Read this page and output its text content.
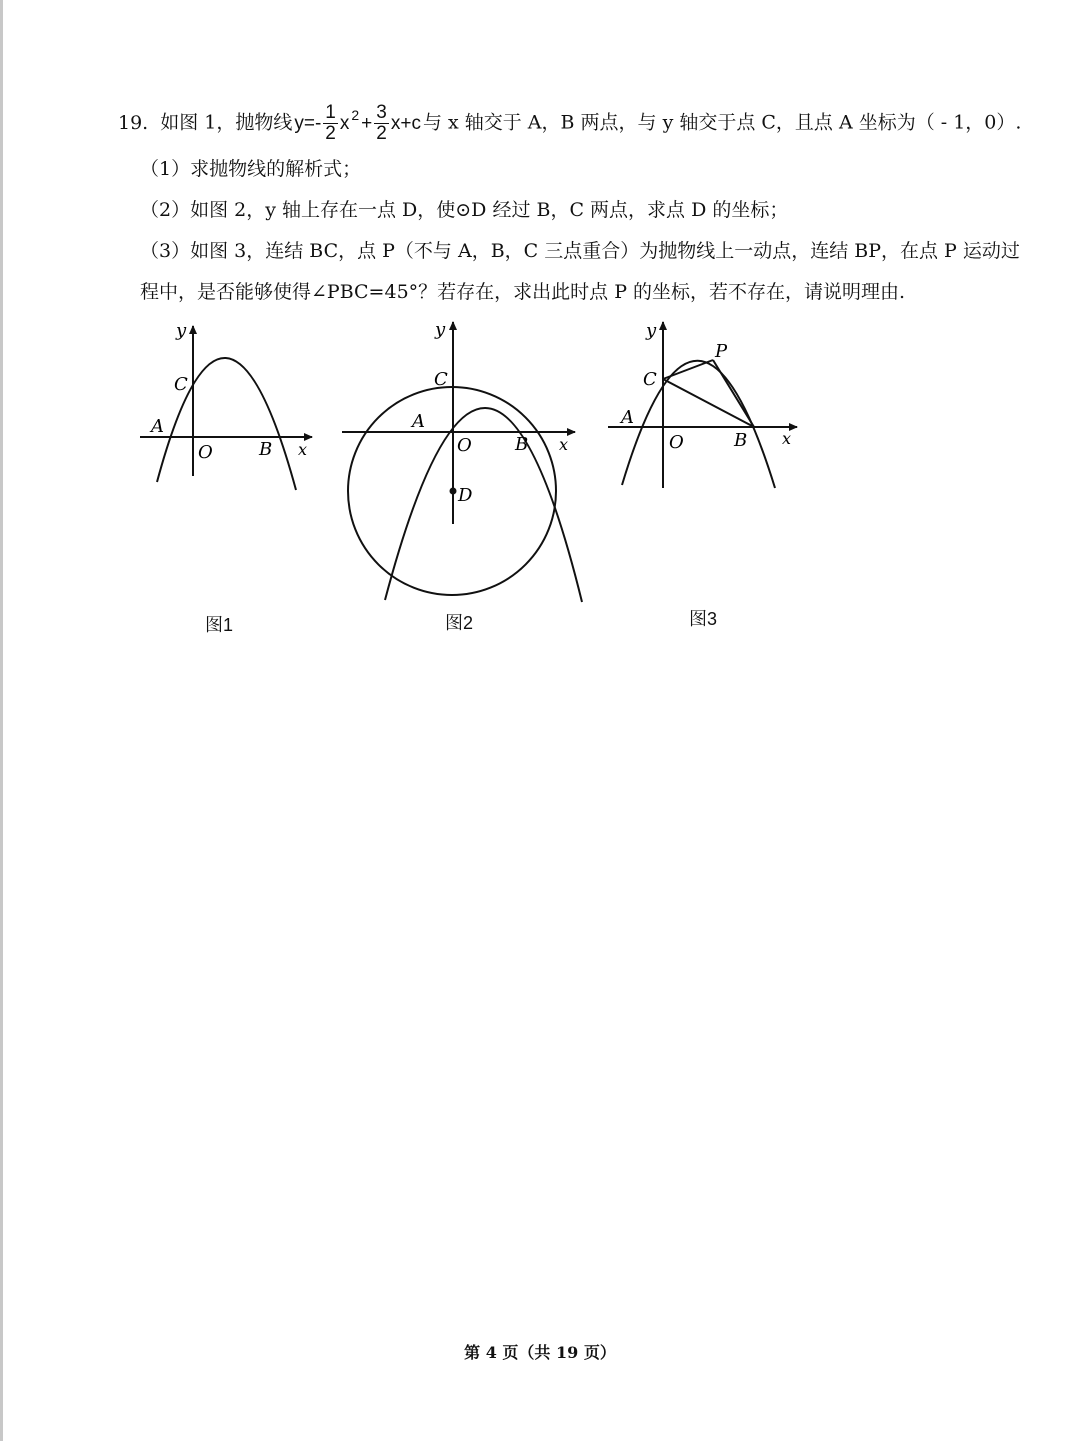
19. 如图 1，抛物线 $y= - \frac{1}{2}$ x $2 + \frac{3}{2} x+c$ 与 x 轴交于 A，B 两点，与 y 轴交于点 C，且点 A 坐标为（ - 1，0）.
（1）求抛物线的解析式；
（2）如图 2，y 轴上存在一点 D，使⊙D 经过 B，C 两点，求点 D 的坐标；
（3）如图 3，连结 BC，点 P（不与 A，B，C 三点重合）为抛物线上一动点，连结 BP，在点 P 运动过
程中，是否能够使得∠PBC=45°？若存在，求出此时点 P 的坐标，若不存在，请说明理由.
y
x
A
B
C
O
y
x
A
B
C
O
D
y
x
A
B
C
O
P
图1	图2	图3
第 4 页（共 19 页）
